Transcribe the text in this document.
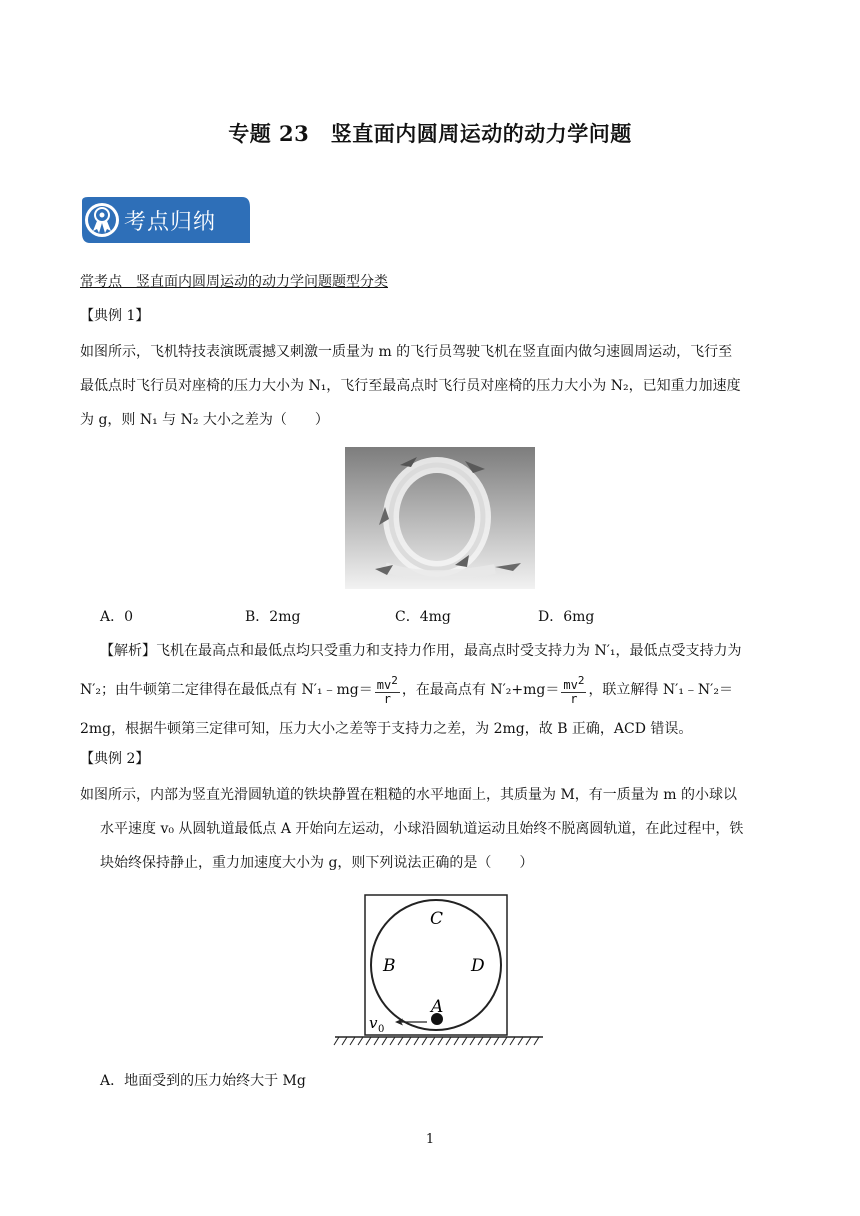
专题 23　竖直面内圆周运动的动力学问题
考点归纳
常考点　竖直面内圆周运动的动力学问题题型分类
【典例 1】
如图所示，飞机特技表演既震撼又刺激一质量为 m 的飞行员驾驶飞机在竖直面内做匀速圆周运动，飞行至
最低点时飞行员对座椅的压力大小为 N₁，飞行至最高点时飞行员对座椅的压力大小为 N₂，已知重力加速度
为 g，则 N₁ 与 N₂ 大小之差为（　　）
A．0	B．2mg	C．4mg	D．6mg
【解析】飞机在最高点和最低点均只受重力和支持力作用，最高点时受支持力为 N′₁，最低点受支持力为
N′₂；由牛顿第二定律得在最低点有 N′₁﹣mg＝ $\frac{mv^2}{r}$ ，在最高点有 $N'_2+mg= \frac{mv^2}{r}$ ，联立解得 N′₁﹣N′₂＝
2mg，根据牛顿第三定律可知，压力大小之差等于支持力之差，为 2mg，故 B 正确，ACD 错误。
【典例 2】
如图所示，内部为竖直光滑圆轨道的铁块静置在粗糙的水平地面上，其质量为 M，有一质量为 m 的小球以
水平速度 v₀ 从圆轨道最低点 A 开始向左运动，小球沿圆轨道运动且始终不脱离圆轨道，在此过程中，铁
块始终保持静止，重力加速度大小为 g，则下列说法正确的是（　　）
C
B	D
A
v 0
A．地面受到的压力始终大于 Mg
1
